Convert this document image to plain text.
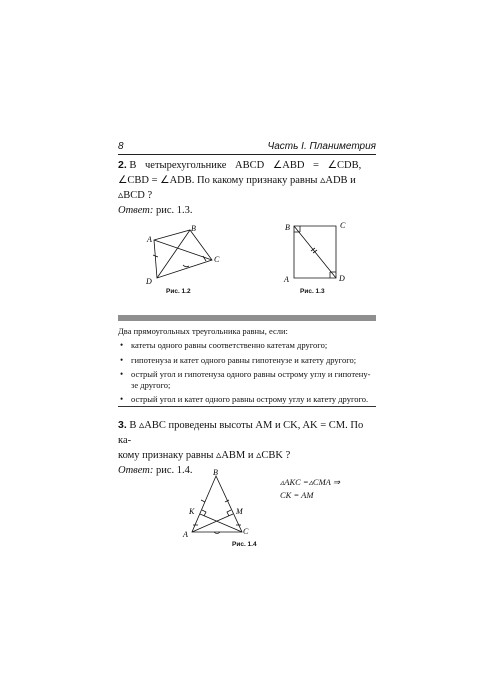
8	Часть I. Планиметрия
2. В четырехугольнике ABCD ∠ABD = ∠CDB,
∠CBD = ∠ADB. По какому признаку равны ▵ADB и ▵BCD ?
Ответ: рис. 1.3.
A
B
C
D
Рис. 1.2
B	C
A	D
Рис. 1.3
Два прямоугольных треугольника равны, если:
• катеты одного равны соответственно катетам другого;
• гипотенуза и катет одного равны гипотенузе и катету другого;
• острый угол и гипотенуза одного равны острому углу и гипотену-
зе другого;
• острый угол и катет одного равны острому углу и катету другого.
3. В ▵ABC проведены высоты AM и CK, AK = CM. По ка-
кому признаку равны ▵ABM и ▵CBK ?
Ответ: рис. 1.4.	B
K	M
A	C
Рис. 1.4
▵AKC =▵CMA ⇒
CK = AM
